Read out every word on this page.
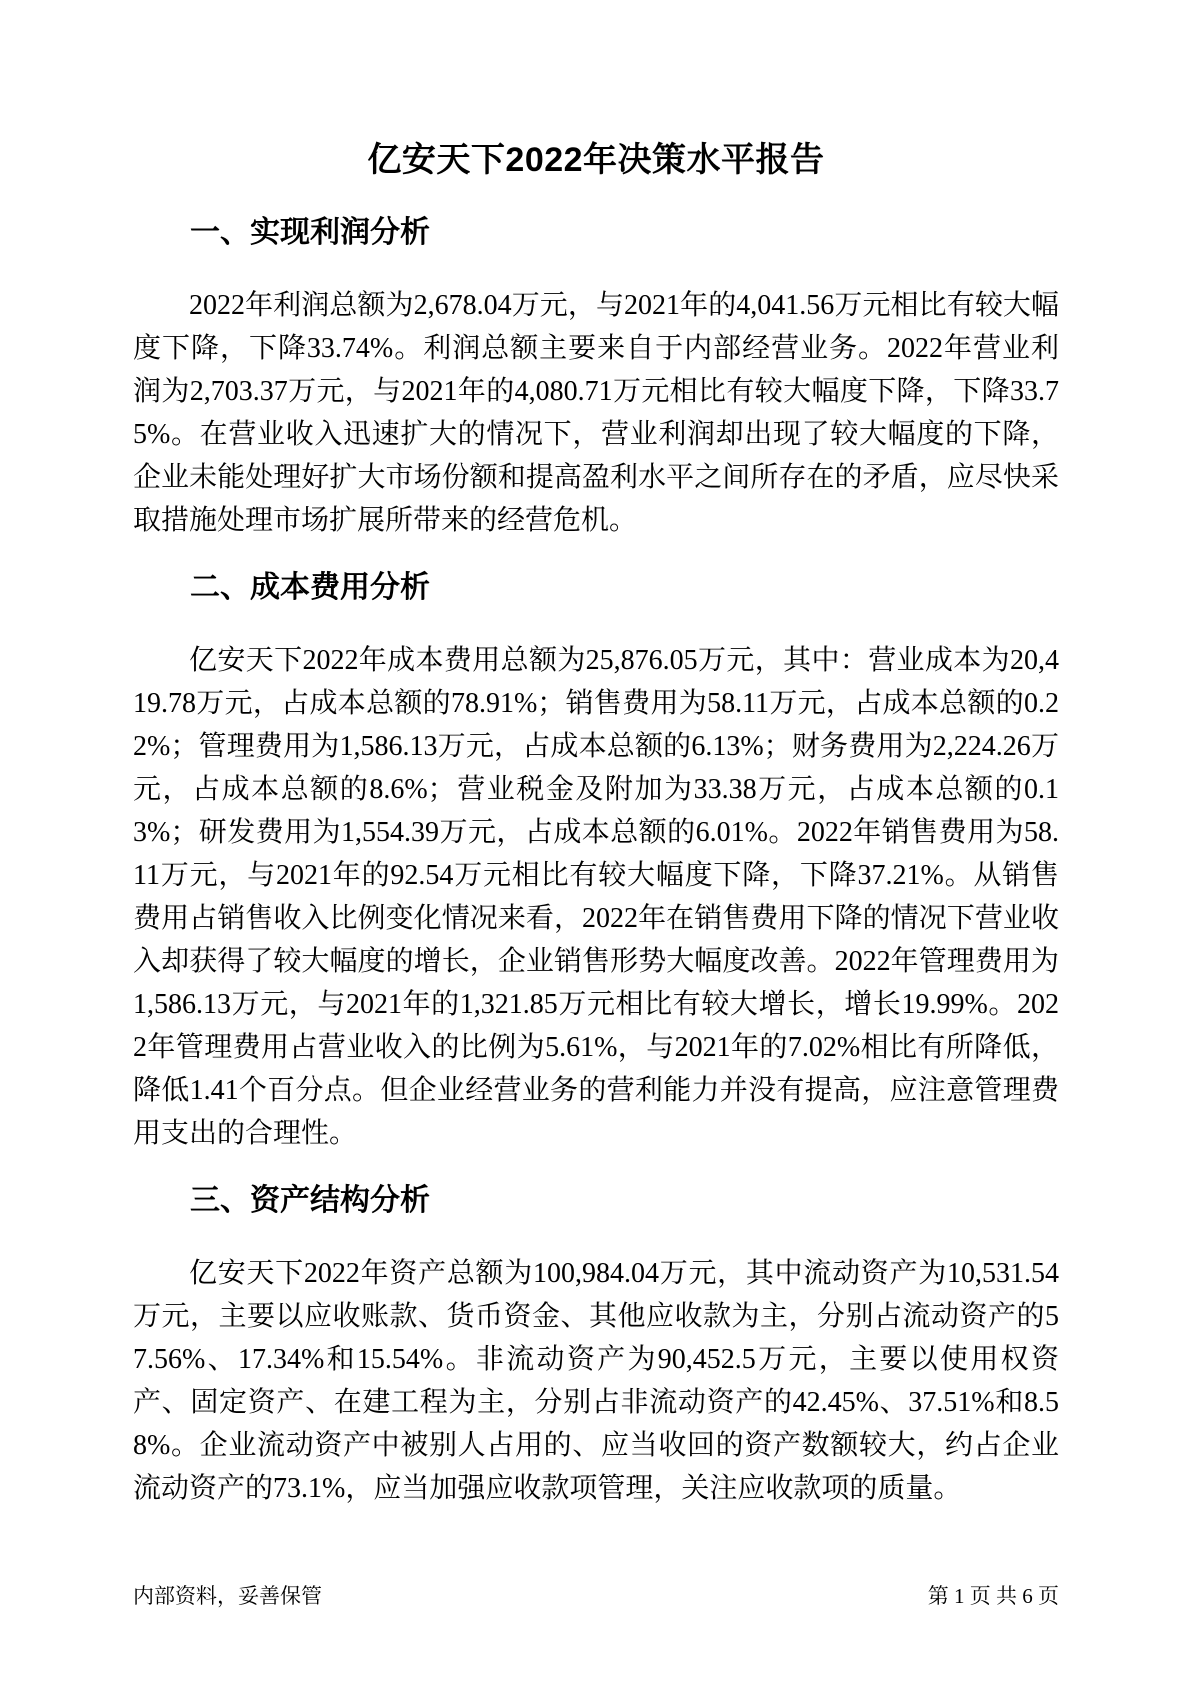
亿安天下2022年决策水平报告
一、实现利润分析

2022年利润总额为2,678.04万元，与2021年的4,041.56万元相比有较大幅度下降，下降33.74%。利润总额主要来自于内部经营业务。2022年营业利润为2,703.37万元，与2021年的4,080.71万元相比有较大幅度下降，下降33.75%。在营业收入迅速扩大的情况下，营业利润却出现了较大幅度的下降，企业未能处理好扩大市场份额和提高盈利水平之间所存在的矛盾，应尽快采取措施处理市场扩展所带来的经营危机。

二、成本费用分析

亿安天下2022年成本费用总额为25,876.05万元，其中：营业成本为20,419.78万元，占成本总额的78.91%；销售费用为58.11万元，占成本总额的0.22%；管理费用为1,586.13万元，占成本总额的6.13%；财务费用为2,224.26万元，占成本总额的8.6%；营业税金及附加为33.38万元，占成本总额的0.13%；研发费用为1,554.39万元，占成本总额的6.01%。2022年销售费用为58.11万元，与2021年的92.54万元相比有较大幅度下降，下降37.21%。从销售费用占销售收入比例变化情况来看，2022年在销售费用下降的情况下营业收入却获得了较大幅度的增长，企业销售形势大幅度改善。2022年管理费用为1,586.13万元，与2021年的1,321.85万元相比有较大增长，增长19.99%。2022年管理费用占营业收入的比例为5.61%，与2021年的7.02%相比有所降低，降低1.41个百分点。但企业经营业务的营利能力并没有提高，应注意管理费用支出的合理性。

三、资产结构分析

亿安天下2022年资产总额为100,984.04万元，其中流动资产为10,531.54万元，主要以应收账款、货币资金、其他应收款为主，分别占流动资产的57.56%、17.34%和15.54%。非流动资产为90,452.5万元，主要以使用权资产、固定资产、在建工程为主，分别占非流动资产的42.45%、37.51%和8.58%。企业流动资产中被别人占用的、应当收回的资产数额较大，约占企业流动资产的73.1%，应当加强应收款项管理，关注应收款项的质量。

内部资料，妥善保管	第 1 页 共 6 页
